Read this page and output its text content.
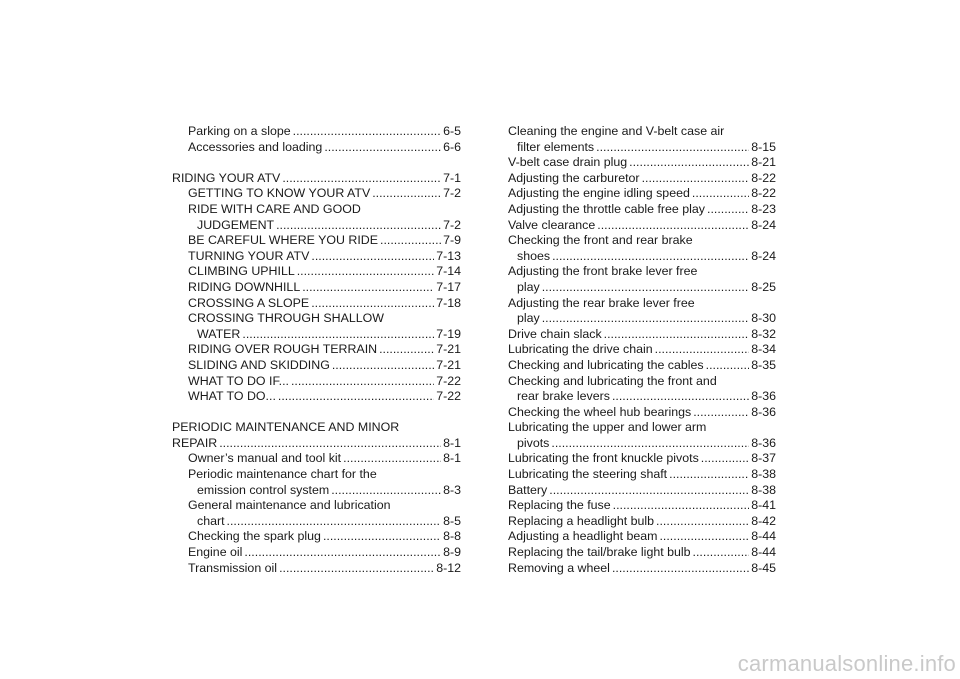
Parking on a slope .....	6-5
Accessories and loading .....	6-6
RIDING YOUR ATV .....	7-1
GETTING TO KNOW YOUR ATV .....	7-2
RIDE WITH CARE AND GOOD
JUDGEMENT .....	7-2
BE CAREFUL WHERE YOU RIDE .....	7-9
TURNING YOUR ATV .....	7-13
CLIMBING UPHILL .....	7-14
RIDING DOWNHILL .....	7-17
CROSSING A SLOPE .....	7-18
CROSSING THROUGH SHALLOW
WATER .....	7-19
RIDING OVER ROUGH TERRAIN .....	7-21
SLIDING AND SKIDDING .....	7-21
WHAT TO DO IF... .....	7-22
WHAT TO DO... .....	7-22
PERIODIC MAINTENANCE AND MINOR
REPAIR .....	8-1
Owner’s manual and tool kit .....	8-1
Periodic maintenance chart for the
emission control system .....	8-3
General maintenance and lubrication
chart .....	8-5
Checking the spark plug .....	8-8
Engine oil .....	8-9
Transmission oil .....	8-12
Cleaning the engine and V-belt case air
filter elements .....	8-15
V-belt case drain plug .....	8-21
Adjusting the carburetor .....	8-22
Adjusting the engine idling speed .....	8-22
Adjusting the throttle cable free play .....	8-23
Valve clearance .....	8-24
Checking the front and rear brake
shoes .....	8-24
Adjusting the front brake lever free
play .....	8-25
Adjusting the rear brake lever free
play .....	8-30
Drive chain slack .....	8-32
Lubricating the drive chain .....	8-34
Checking and lubricating the cables .....	8-35
Checking and lubricating the front and
rear brake levers .....	8-36
Checking the wheel hub bearings .....	8-36
Lubricating the upper and lower arm
pivots .....	8-36
Lubricating the front knuckle pivots .....	8-37
Lubricating the steering shaft .....	8-38
Battery .....	8-38
Replacing the fuse .....	8-41
Replacing a headlight bulb .....	8-42
Adjusting a headlight beam .....	8-44
Replacing the tail/brake light bulb .....	8-44
Removing a wheel .....	8-45
carmanualsonline.info
